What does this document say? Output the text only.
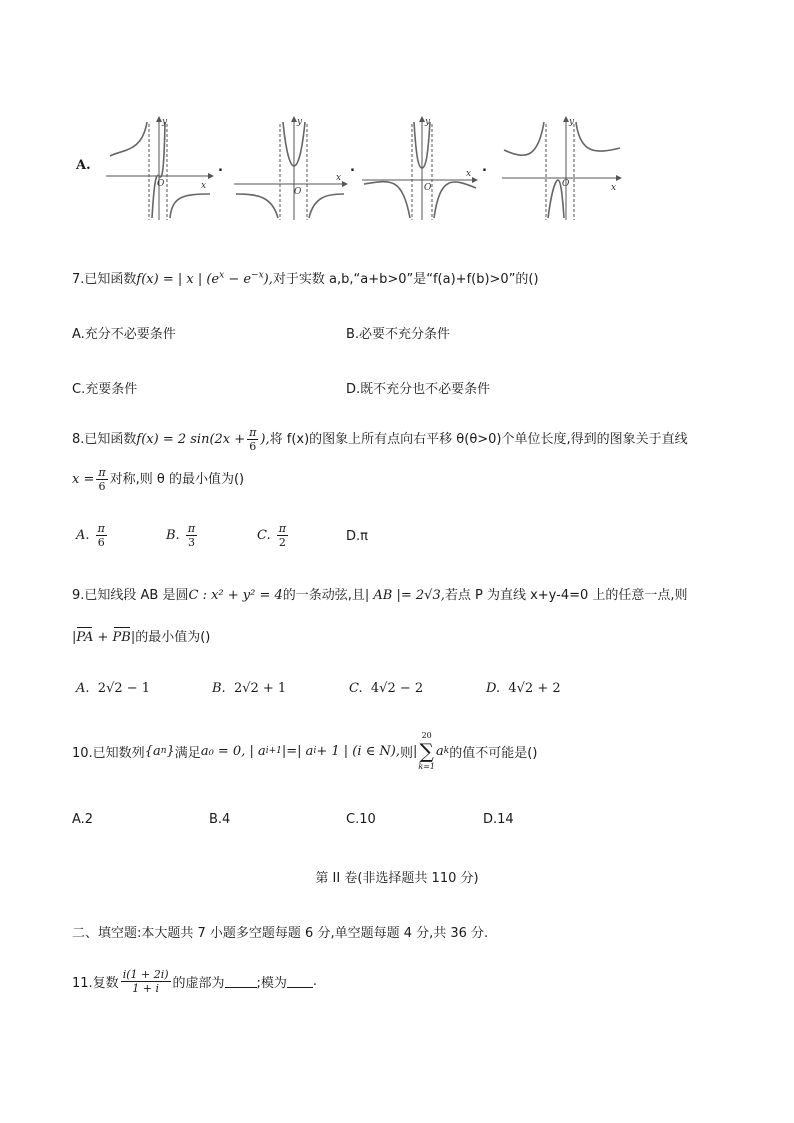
A.
x
y
O
.
x
y
O
.	x
y
O
.
x
y
O
7.已知函数f(x) = | x | $(e^x - e^{-x})$,对于实数 a,b,“a+b>0”是“f(a)+f(b)>0”的()
A.充分不必要条件	B.必要不充分条件
C.充要条件	D.既不充分也不必要条件
8.已知函数f(x) = 2 $\sin(2x + \frac{\pi}{6}$ ),将 f(x)的图象上所有点向右平移 θ(θ>0)个单位长度,得到的图象关于直线
$x = \frac{\pi}{6}$ 对称,则 θ 的最小值为()
A. $\frac{\pi}{6}$	B. $\frac{\pi}{3}$	C. $\frac{\pi}{2}$	D.π
9.已知线段 AB 是圆C : x² + y² = 4的一条动弦,且| AB |= 2√3,若点 P 为直线 x+y-4=0 上的任意一点,则
|PA + PB|的最小值为()
A. 2√2 − 1	B. 2√2 + 1	C. 4√2 − 2	D. 4√2 + 2
10.已知数列 {a n } 满足 a₀ = 0, | a i+1 |=| a i + 1 | (i ∈ N), 则 |
20
∑
k=1
a k 的值不可能是()
A.2	B.4	C.10	D.14
第 II 卷(非选择题共 110 分)
二、填空题:本大题共 7 小题多空题每题 6 分,单空题每题 4 分,共 36 分.
11.复数 $\frac{i(1 + 2i)}{1 + i}$ 的虚部为 ;模为 .
